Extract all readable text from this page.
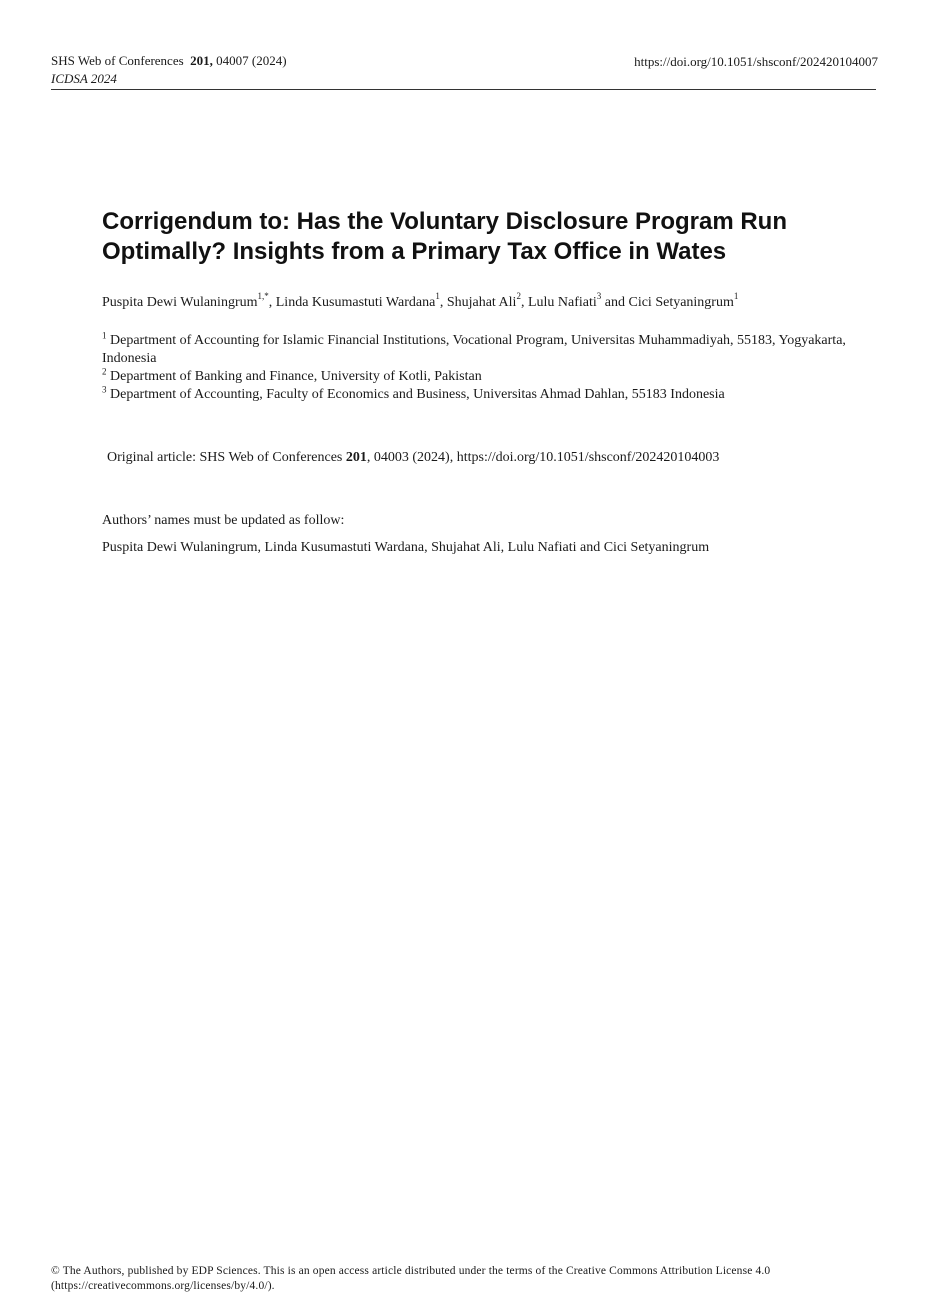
SHS Web of Conferences 201, 04007 (2024)
ICDSA 2024
https://doi.org/10.1051/shsconf/202420104007
Corrigendum to: Has the Voluntary Disclosure Program Run Optimally? Insights from a Primary Tax Office in Wates
Puspita Dewi Wulaningrum$^{1,*}$, Linda Kusumastuti Wardana$^1$, Shujahat Ali$^2$, Lulu Nafiati$^3$ and Cici Setyaningrum$^1$

$^1$ Department of Accounting for Islamic Financial Institutions, Vocational Program, Universitas Muhammadiyah, 55183, Yogyakarta, Indonesia

$^2$ Department of Banking and Finance, University of Kotli, Pakistan

$^3$ Department of Accounting, Faculty of Economics and Business, Universitas Ahmad Dahlan, 55183 Indonesia

Original article: SHS Web of Conferences 201, 04003 (2024), https://doi.org/10.1051/shsconf/202420104003
Authors’ names must be updated as follow:
Puspita Dewi Wulaningrum, Linda Kusumastuti Wardana, Shujahat Ali, Lulu Nafiati and Cici Setyaningrum
© The Authors, published by EDP Sciences. This is an open access article distributed under the terms of the Creative Commons Attribution License 4.0
(https://creativecommons.org/licenses/by/4.0/).
